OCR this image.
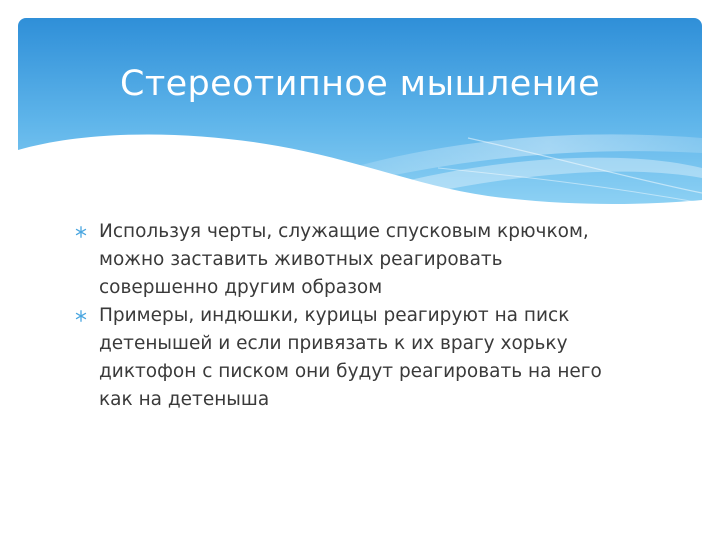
Стереотипное мышление
Используя черты, служащие спусковым крючком,
можно заставить животных реагировать
совершенно другим образом
Примеры, индюшки, курицы реагируют на писк
детенышей и если привязать к их врагу хорьку
диктофон с писком они будут реагировать на него
как на детеныша
